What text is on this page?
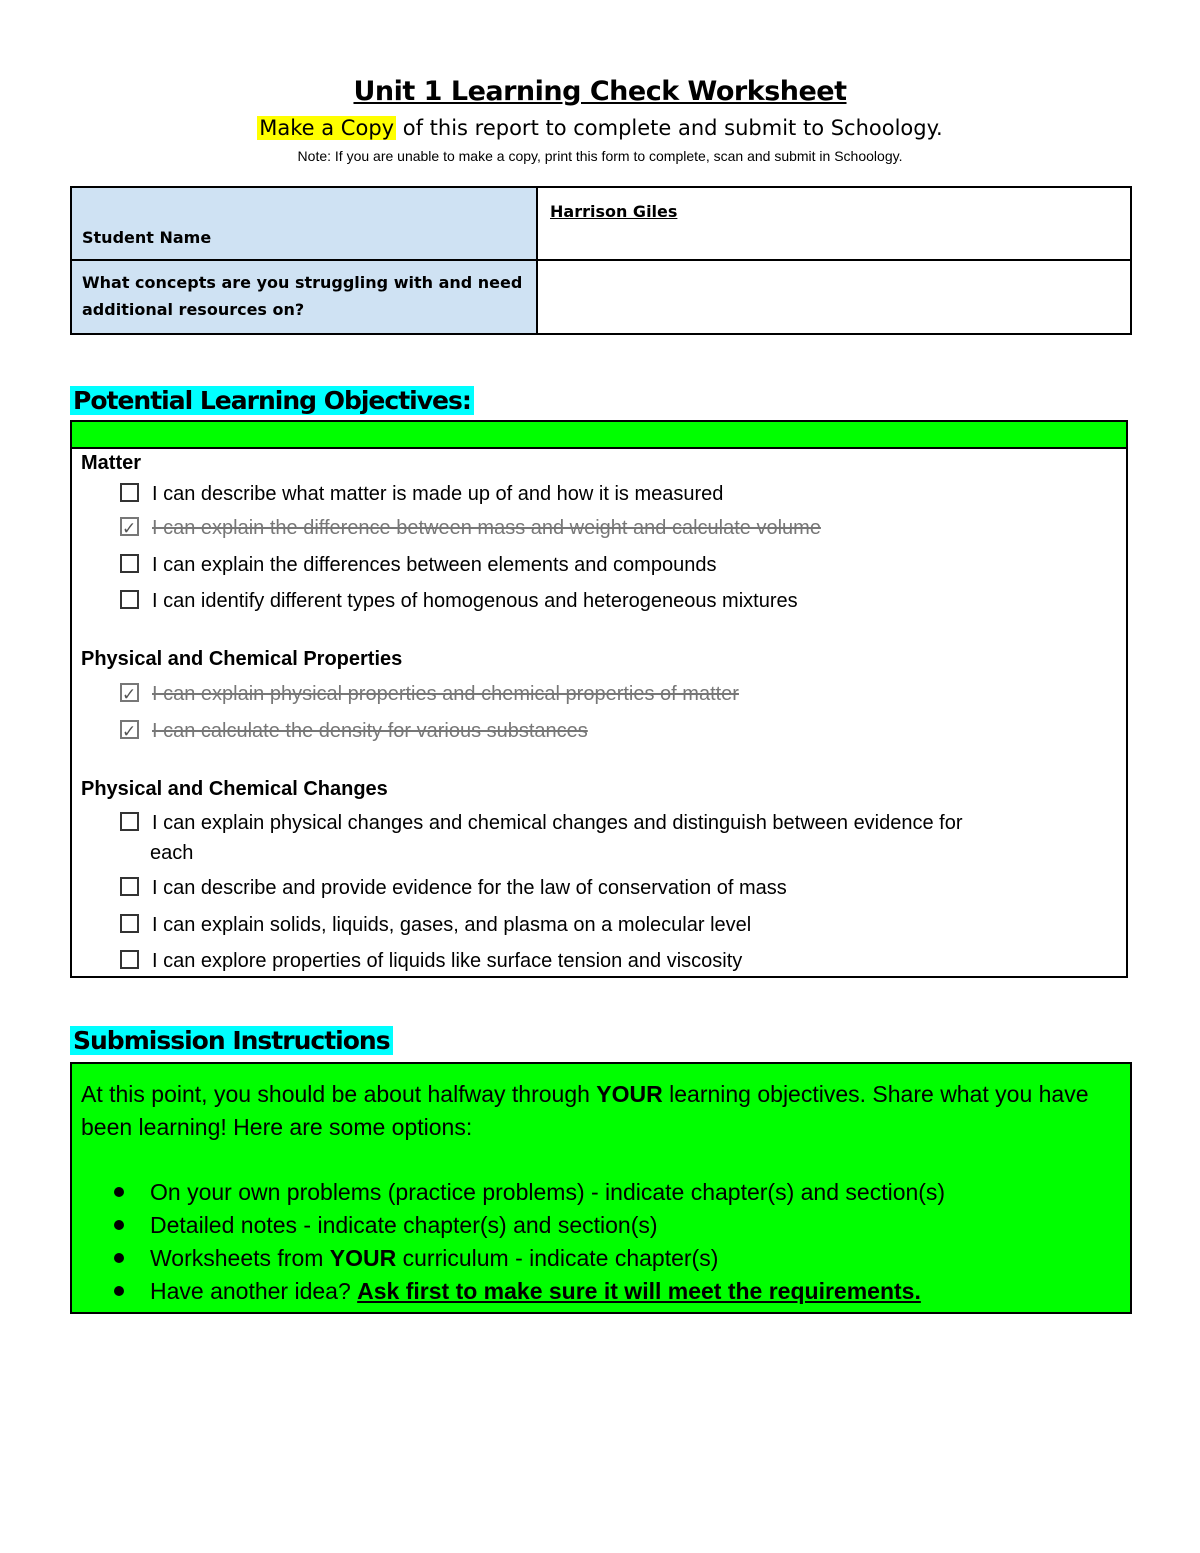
Unit 1 Learning Check Worksheet
Make a Copy of this report to complete and submit to Schoology.
Note: If you are unable to make a copy, print this form to complete, scan and submit in Schoology.
Student Name	Harrison Giles
What concepts are you struggling with and need additional resources on?	
Potential Learning Objectives:
Matter
I can describe what matter is made up of and how it is measured
✓I can explain the difference between mass and weight and calculate volume
I can explain the differences between elements and compounds
I can identify different types of homogenous and heterogeneous mixtures
Physical and Chemical Properties
✓I can explain physical properties and chemical properties of matter
✓I can calculate the density for various substances
Physical and Chemical Changes
I can explain physical changes and chemical changes and distinguish between evidence for
each
I can describe and provide evidence for the law of conservation of mass
I can explain solids, liquids, gases, and plasma on a molecular level
I can explore properties of liquids like surface tension and viscosity
Submission Instructions
At this point, you should be about halfway through YOUR learning objectives. Share what you have been learning! Here are some options:
On your own problems (practice problems) - indicate chapter(s) and section(s)
Detailed notes - indicate chapter(s) and section(s)
Worksheets from YOUR curriculum - indicate chapter(s)
Have another idea? Ask first to make sure it will meet the requirements.
